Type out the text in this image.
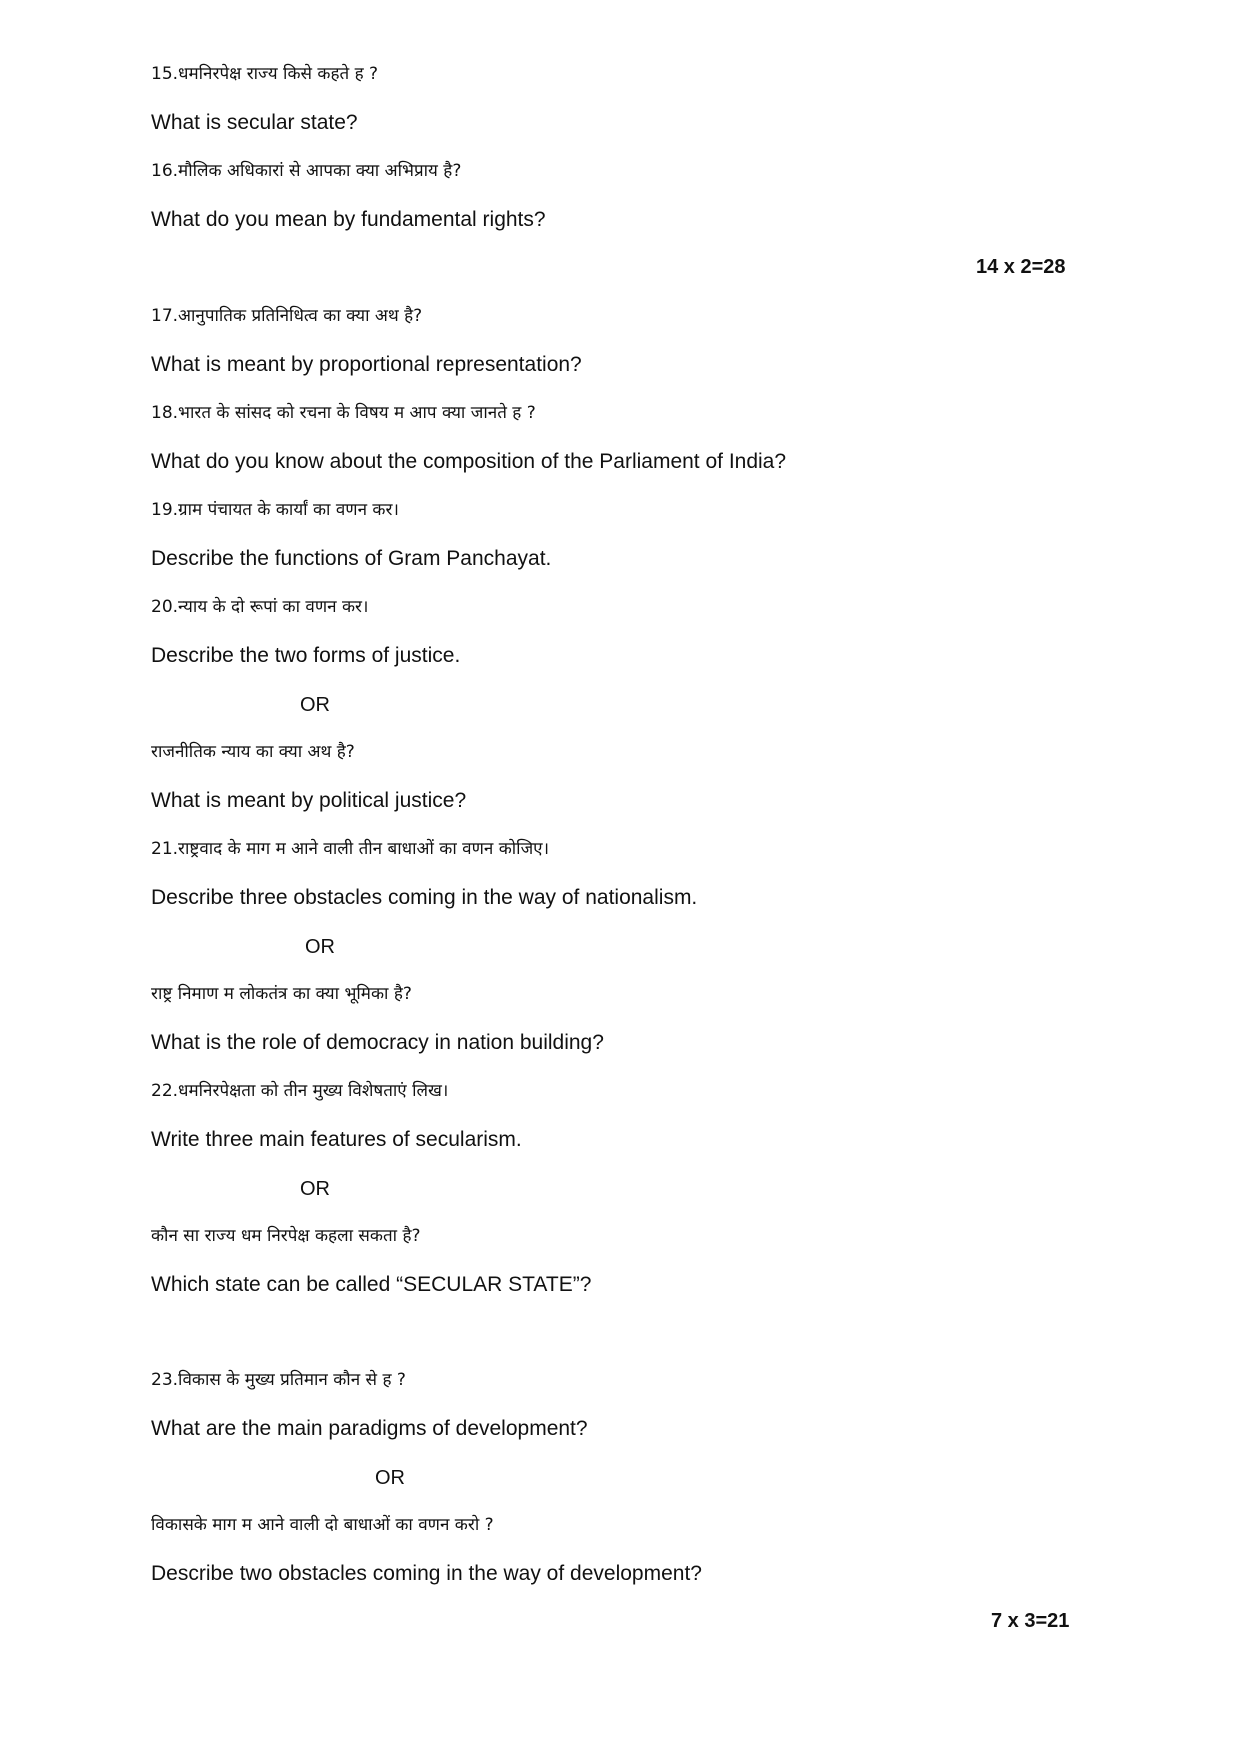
15.धमनिरपेक्ष राज्य किसे कहते ह ?
What is secular state?
16.मौलिक अधिकारां से आपका क्या अभिप्राय है?
What do you mean by fundamental rights?
14 x 2=28
17.आनुपातिक प्रतिनिधित्व का क्या अथ है?
What is meant by proportional representation?
18.भारत के सांसद को रचना के विषय म आप क्या जानते ह ?
What do you know about the composition of the Parliament of India?
19.ग्राम पंचायत के कार्यां का वणन कर।
Describe the functions of Gram Panchayat.
20.न्याय के दो रूपां का वणन कर।
Describe the two forms of justice.
OR
राजनीतिक न्याय का क्या अथ है?
What is meant by political justice?
21.राष्ट्रवाद के माग म आने वाली तीन बाधाओं का वणन कोजिए।
Describe three obstacles coming in the way of nationalism.
OR
राष्ट्र निमाण म लोकतंत्र का क्या भूमिका है?
What is the role of democracy in nation building?
22.धमनिरपेक्षता को तीन मुख्य विशेषताएं लिख।
Write three main features of secularism.
OR
कौन सा राज्य धम निरपेक्ष कहला सकता है?
Which state can be called “SECULAR STATE”?
23.विकास के मुख्य प्रतिमान कौन से ह ?
What are the main paradigms of development?
OR
विकासके माग म आने वाली दो बाधाओं का वणन करो ?
Describe two obstacles coming in the way of development?
7 x 3=21
